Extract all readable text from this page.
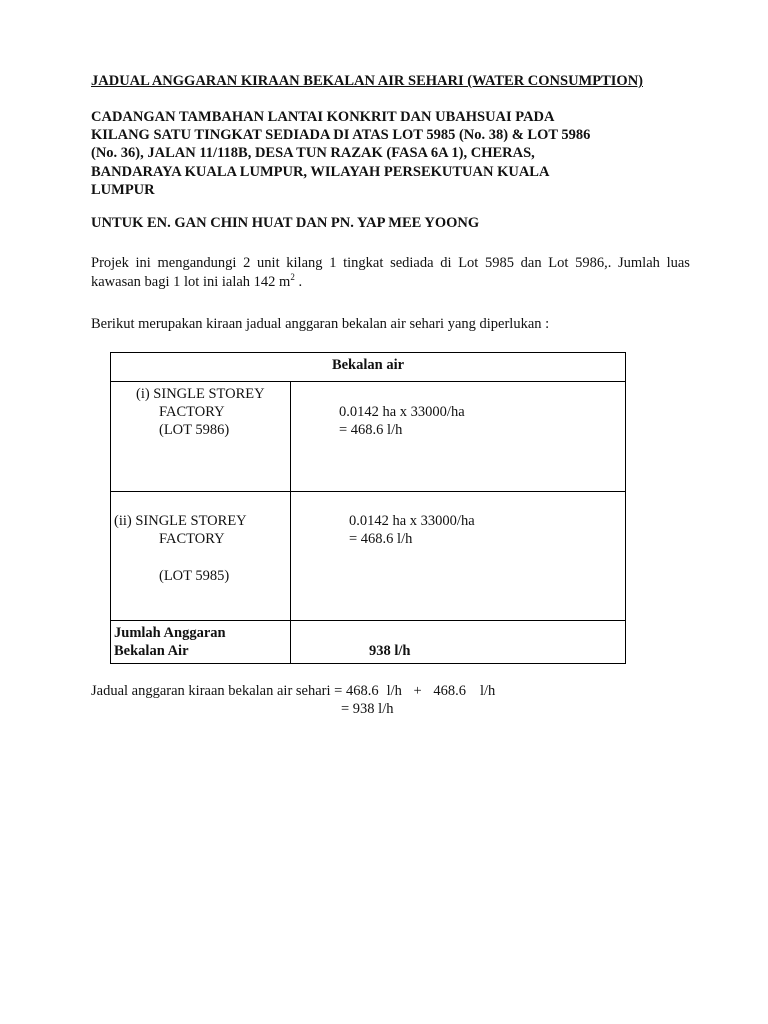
JADUAL ANGGARAN KIRAAN BEKALAN AIR SEHARI (WATER CONSUMPTION)
CADANGAN TAMBAHAN LANTAI KONKRIT DAN UBAHSUAI PADA
KILANG SATU TINGKAT SEDIADA DI ATAS LOT 5985 (No. 38) & LOT 5986
(No. 36), JALAN 11/118B, DESA TUN RAZAK (FASA 6A 1), CHERAS,
BANDARAYA KUALA LUMPUR, WILAYAH PERSEKUTUAN KUALA
LUMPUR
UNTUK EN. GAN CHIN HUAT DAN PN. YAP MEE YOONG
Projek ini mengandungi 2 unit kilang 1 tingkat sediada di Lot 5985 dan Lot 5986,. Jumlah luas
kawasan bagi 1 lot ini ialah 142 $m^2$ .
Berikut merupakan kiraan jadual anggaran bekalan air sehari yang diperlukan :
Bekalan air
(i) SINGLE STOREY
FACTORY
(LOT 5986)
0.0142 ha x 33000/ha
= 468.6 l/h
(ii) SINGLE STOREY
FACTORY
(LOT 5985)
0.0142 ha x 33000/ha
= 468.6 l/h
Jumlah Anggaran
Bekalan Air	938 l/h
Jadual anggaran kiraan bekalan air sehari = 468.6 l/h + 468.6 l/h
= 938 l/h
